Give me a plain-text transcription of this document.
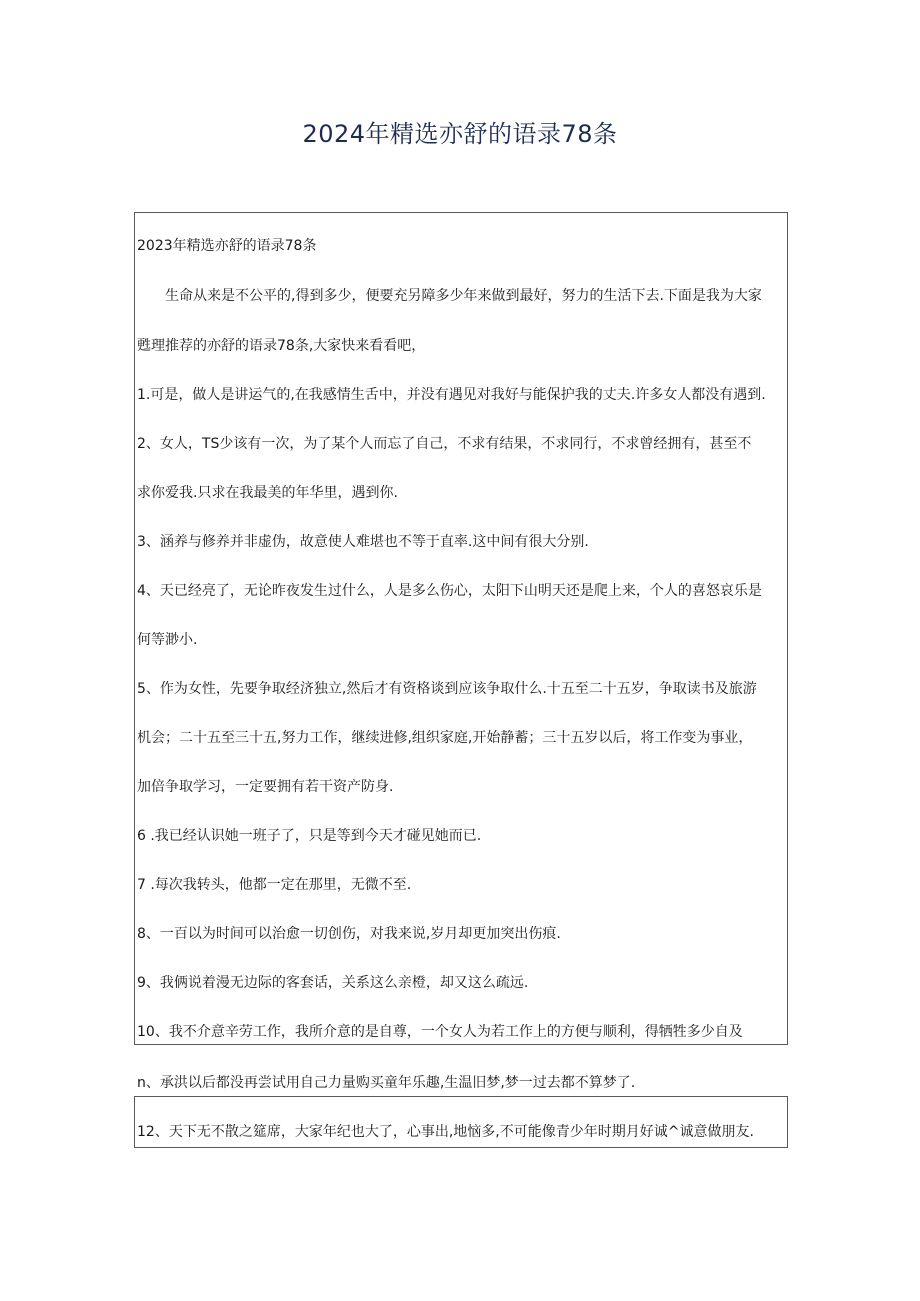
2024年精选亦舒的语录78条
2023年精选亦舒的语录78条
生命从来是不公平的,得到多少，便要充另障多少年来做到最好，努力的生活下去.下面是我为大家
甦理推荐的亦舒的语录78条,大家快来看看吧，
1.可是，做人是讲运气的,在我感情生舌中，并没有遇见对我好与能保护我的丈夫.许多女人都没有遇到.
2、女人，TS少该有一次，为了某个人而忘了自己，不求有结果，不求同行，不求曾经拥有，甚至不
求你爱我.只求在我最美的年华里，遇到你.
3、涵养与修养并非虚伪，故意使人难堪也不等于直率.这中间有很大分别.
4、天已经亮了，无论昨夜发生过什么，人是多么伤心，太阳下山明天还是爬上来，个人的喜怒哀乐是
何等渺小.
5、作为女性，先要争取经济独立,然后才有资格谈到应该争取什么.十五至二十五岁，争取读书及旅游
机会；二十五至三十五,努力工作，继续进修,组织家庭,开始静蓄；三十五岁以后，将工作变为事业，
加倍争取学习，一定要拥有若干资产防身.
6 .我已经认识她一班子了，只是等到今天才碰见她而已.
7 .每次我转头，他都一定在那里，无微不至.
8、一百以为时间可以治愈一切创伤，对我来说,岁月却更加突出伤痕.
9、我俩说着漫无边际的客套话，关系这么亲橙，却又这么疏远.
10、我不介意辛劳工作，我所介意的是自尊，一个女人为若工作上的方便与顺利，得牺牲多少自及
n、承洪以后都没再尝试用自己力量购买童年乐趣,生温旧梦,梦一过去都不算梦了.
12、天下无不散之筵席，大家年纪也大了，心事出,地恼多,不可能像青少年时期月好诚^诚意做朋友.
